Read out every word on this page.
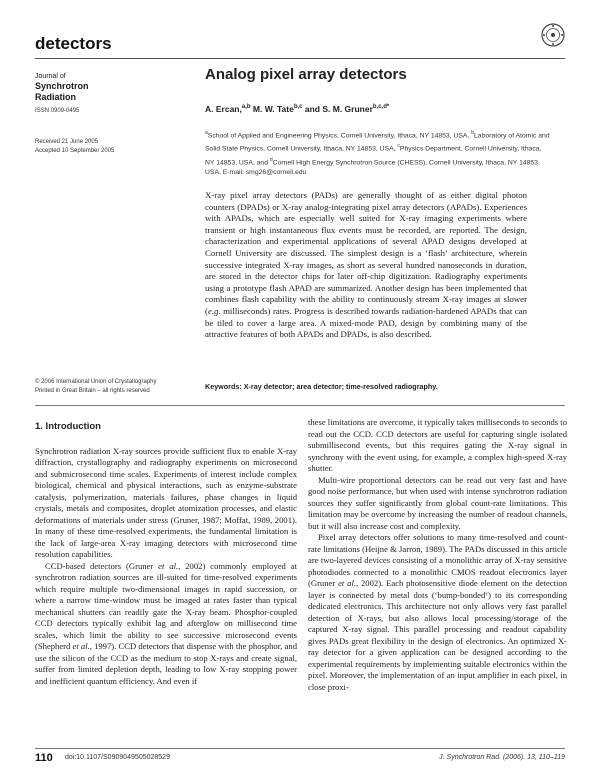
detectors
Journal of
Synchrotron
Radiation
ISSN 0909-0495
Received 21 June 2005
Accepted 10 September 2005
Analog pixel array detectors
A. Ercan,$^{a,b}$ M. W. Tate$^{b,c}$ and S. M. Gruner$^{b,c,d*}$
$^a$School of Applied and Engineering Physics, Cornell University, Ithaca, NY 14853, USA, $^b$Laboratory of Atomic and Solid State Physics, Cornell University, Ithaca, NY 14853, USA, $^c$Physics Department, Cornell University, Ithaca, NY 14853, USA, and $^d$Cornell High Energy Synchrotron Source (CHESS), Cornell University, Ithaca, NY 14853, USA. E-mail: smg26@cornell.edu
X-ray pixel array detectors (PADs) are generally thought of as either digital photon counters (DPADs) or X-ray analog-integrating pixel array detectors (APADs). Experiences with APADs, which are especially well suited for X-ray imaging experiments where transient or high instantaneous flux events must be recorded, are reported. The design, characterization and experimental applications of several APAD designs developed at Cornell University are discussed. The simplest design is a ‘flash’ architecture, wherein successive integrated X-ray images, as short as several hundred nanoseconds in duration, are stored in the detector chips for later off-chip digitization. Radiography experiments using a prototype flash APAD are summarized. Another design has been implemented that combines flash capability with the ability to continuously stream X-ray images at slower (e.g. milliseconds) rates. Progress is described towards radiation-hardened APADs that can be tiled to cover a large area. A mixed-mode PAD, design by combining many of the attractive features of both APADs and DPADs, is also described.
© 2006 International Union of Crystallography
Printed in Great Britain – all rights reserved	Keywords: X-ray detector; area detector; time-resolved radiography.
1. Introduction

Synchrotron radiation X-ray sources provide sufficient flux to enable X-ray diffraction, crystallography and radiography experiments on microsecond and submicrosecond time scales. Experiments of interest include complex biological, chemical and physical interactions, such as enzyme-substrate catalysis, polymerization, materials failures, phase changes in liquid crystals, metals and composites, droplet atomization processes, and elastic deformations of materials under stress (Gruner, 1987; Moffat, 1989, 2001). In many of these time-resolved experiments, the fundamental limitation is the lack of large-area X-ray imaging detectors with microsecond time resolution capabilities.

CCD-based detectors (Gruner et al., 2002) commonly employed at synchrotron radiation sources are ill-suited for time-resolved experiments which require multiple two-dimensional images in rapid succession, or where a narrow time-window must be imaged at rates faster than typical mechanical shutters can readily gate the X-ray beam. Phosphor-coupled CCD detectors typically exhibit lag and afterglow on millisecond time scales, which limit the ability to see successive microsecond events (Shepherd et al., 1997). CCD detectors that dispense with the phosphor, and use the silicon of the CCD as the medium to stop X-rays and create signal, suffer from limited depletion depth, leading to low X-ray stopping power and inefficient quantum efficiency. And even if

these limitations are overcome, it typically takes milliseconds to seconds to read out the CCD. CCD detectors are useful for capturing single isolated submillisecond events, but this requires gating the X-ray signal in synchrony with the event using, for example, a complex high-speed X-ray shutter.

Multi-wire proportional detectors can be read out very fast and have good noise performance, but when used with intense synchrotron radiation sources they suffer significantly from global count-rate limitations. This limitation may be overcome by increasing the number of readout channels, but it will also increase cost and complexity.

Pixel array detectors offer solutions to many time-resolved and count-rate limitations (Heijne & Jarron, 1989). The PADs discussed in this article are two-layered devices consisting of a monolithic array of X-ray sensitive photodiodes connected to a monolithic CMOS readout electronics layer (Gruner et al., 2002). Each photosensitive diode element on the detection layer is connected by metal dots (‘bump-bonded’) to its corresponding dedicated electronics. This architecture not only allows very fast parallel detection of X-rays, but also allows local processing/storage of the captured X-ray signal. This parallel processing and readout capability gives PADs great flexibility in the design of electronics. An optimized X-ray detector for a given application can be designed according to the experimental requirements by implementing suitable electronics within the pixel. Moreover, the implementation of an input amplifier in each pixel, in close proxi-

110 doi:10.1107/S0909049505028529	J. Synchrotron Rad. (2006). 13, 110–119
